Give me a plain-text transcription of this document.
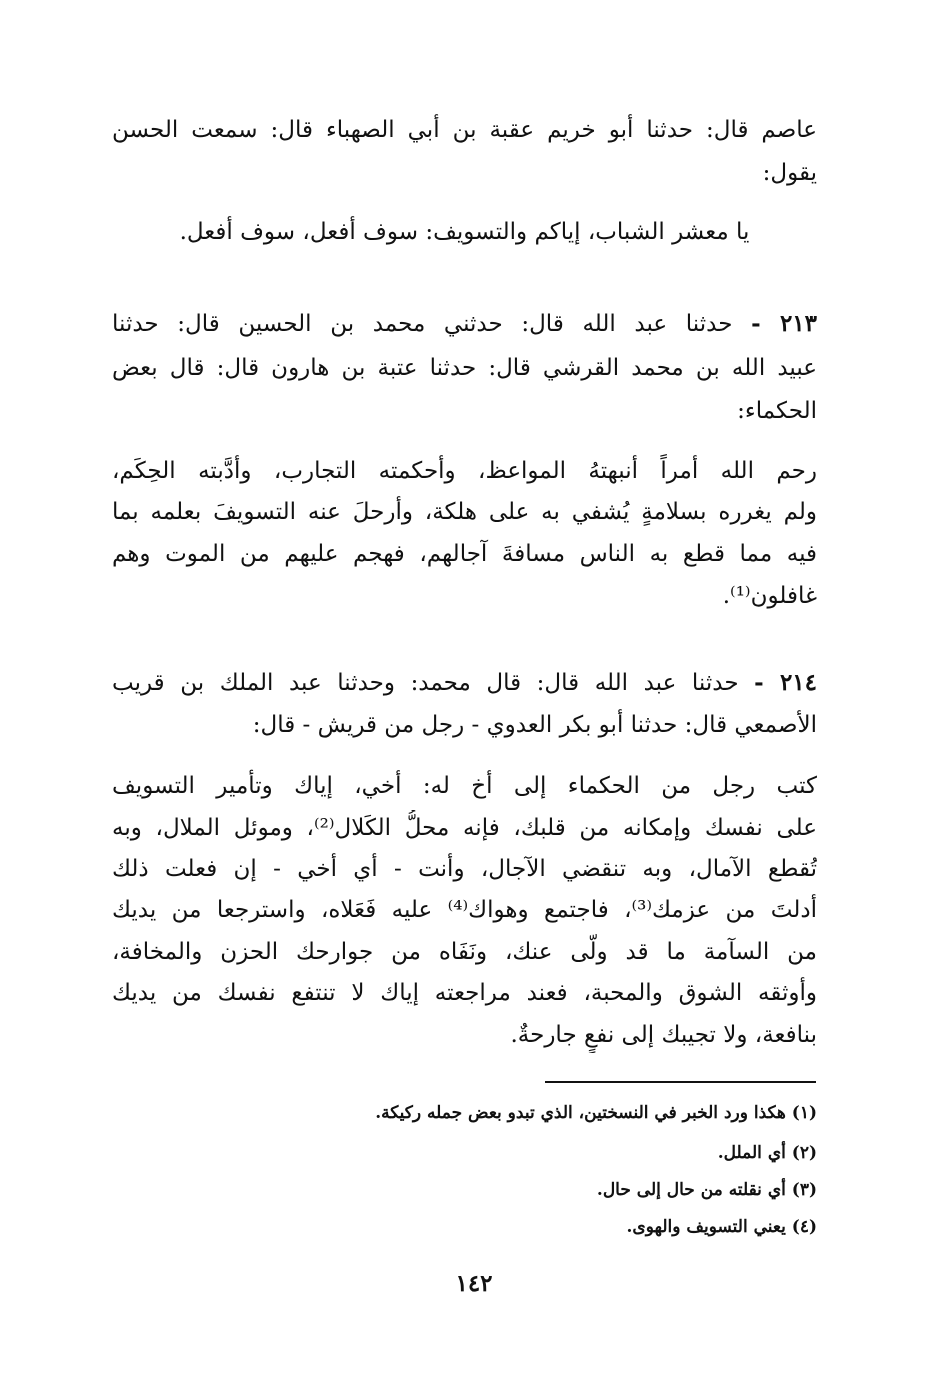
عاصم قال: حدثنا أبو خريم عقبة بن أبي الصهباء قال: سمعت الحسن
يقول:
يا معشر الشباب، إياكم والتسويف: سوف أفعل، سوف أفعل.
٢١٣ - حدثنا عبد الله قال: حدثني محمد بن الحسين قال: حدثنا
عبيد الله بن محمد القرشي قال: حدثنا عتبة بن هارون قال: قال بعض
الحكماء:
رحم الله أمراً أنبهتهُ المواعظ، وأحكمته التجارب، وأدَّبته الحِكَم،
ولم يغرره بسلامةٍ يُشفي به على هلكة، وأرحلَ عنه التسويفَ بعلمه بما
فيه مما قطع به الناس مسافةَ آجالهم، فهجم عليهم من الموت وهم
غافلون⁽¹⁾.
٢١٤ - حدثنا عبد الله قال: قال محمد: وحدثنا عبد الملك بن قريب
الأصمعي قال: حدثنا أبو بكر العدوي - رجل من قريش - قال:
كتب رجل من الحكماء إلى أخ له: أخي، إياك وتأمير التسويف
على نفسك وإمكانه من قلبك، فإنه محلُّ الكَلال⁽²⁾، وموئل الملال، وبه
تُقطع الآمال، وبه تنقضي الآجال، وأنت - أي أخي - إن فعلت ذلك
أدلتَ من عزمك⁽³⁾، فاجتمع وهواك⁽⁴⁾ عليه فَعَلاه، واسترجعا من يديك
من السآمة ما قد ولّى عنك، ونَفَاه من جوارحك الحزن والمخافة،
وأوثقه الشوق والمحبة، فعند مراجعته إياك لا تنتفع نفسك من يديك
بنافعة، ولا تجيبك إلى نفعٍ جارحةٌ.
(١) هكذا ورد الخبر في النسختين، الذي تبدو بعض جمله ركيكة.
(٢) أي الملل.
(٣) أي نقلته من حال إلى حال.
(٤) يعني التسويف والهوى.
١٤٢
